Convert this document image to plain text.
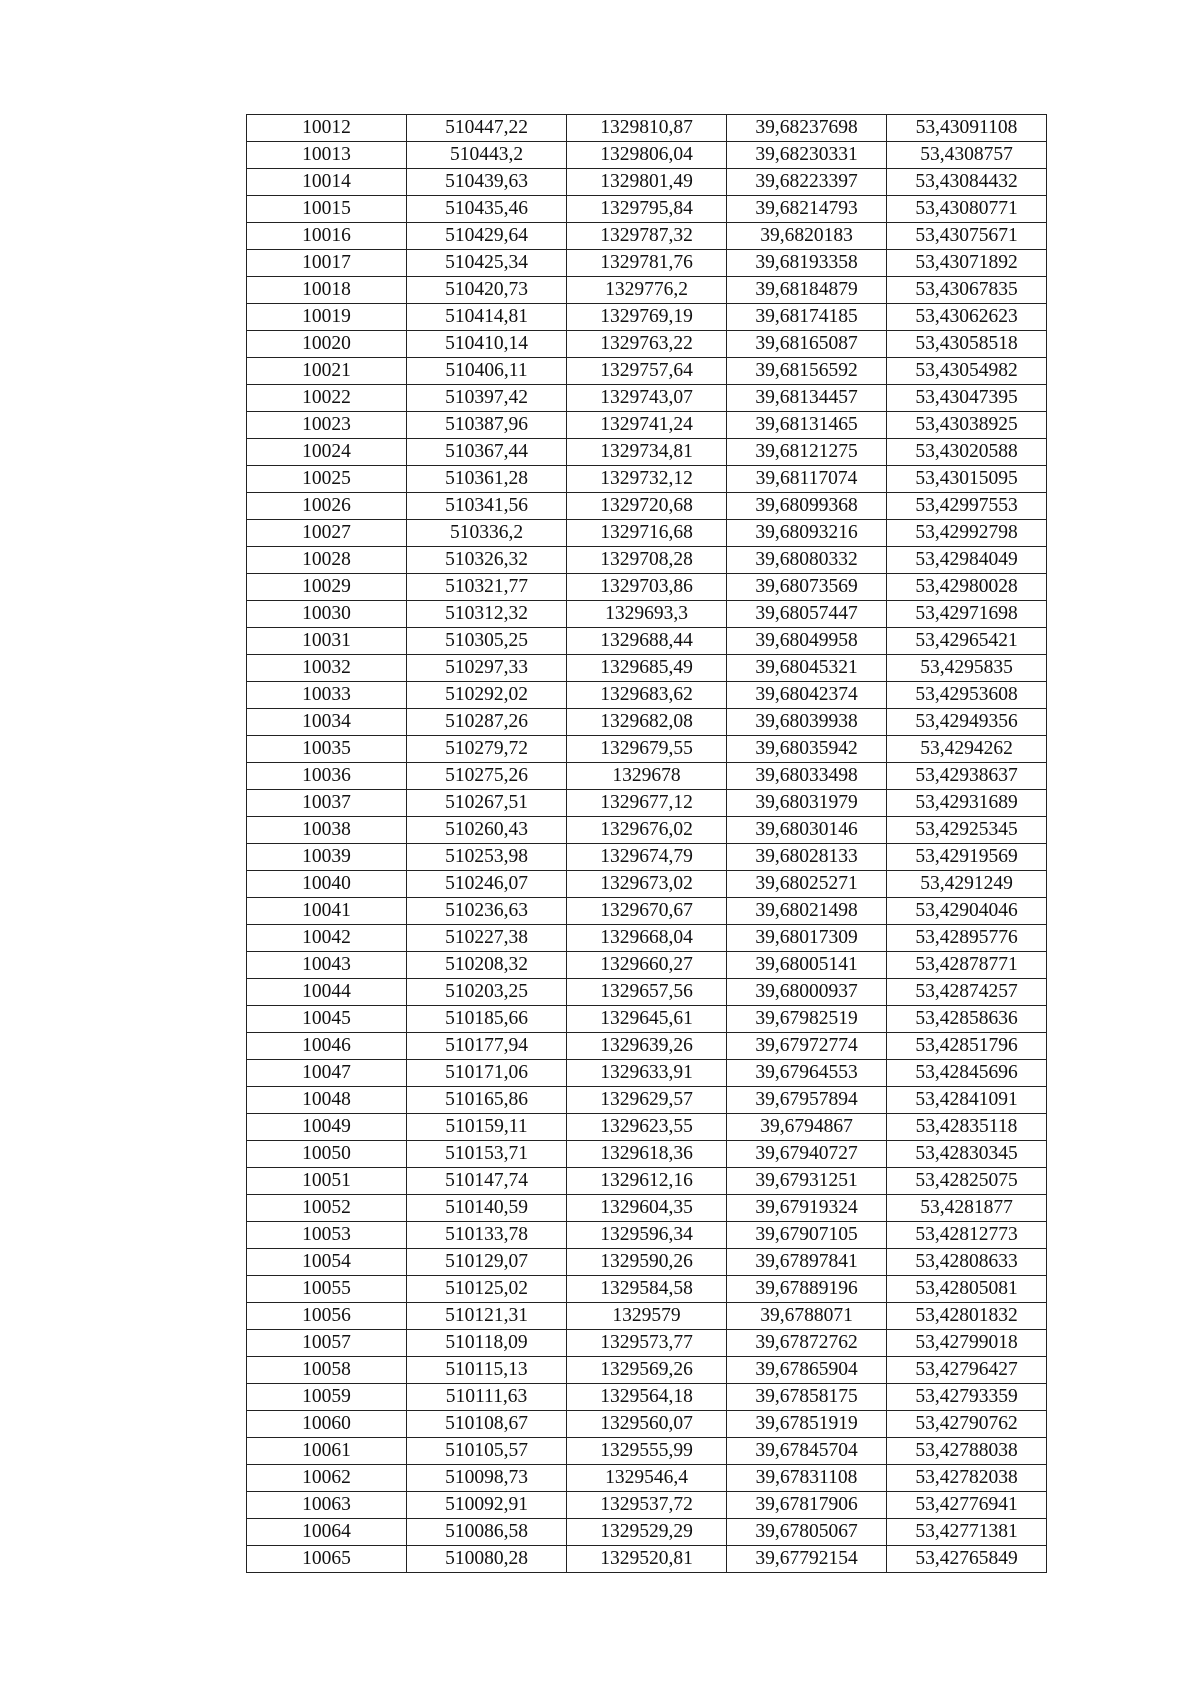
10012	510447,22	1329810,87	39,68237698	53,43091108
10013	510443,2	1329806,04	39,68230331	53,4308757
10014	510439,63	1329801,49	39,68223397	53,43084432
10015	510435,46	1329795,84	39,68214793	53,43080771
10016	510429,64	1329787,32	39,6820183	53,43075671
10017	510425,34	1329781,76	39,68193358	53,43071892
10018	510420,73	1329776,2	39,68184879	53,43067835
10019	510414,81	1329769,19	39,68174185	53,43062623
10020	510410,14	1329763,22	39,68165087	53,43058518
10021	510406,11	1329757,64	39,68156592	53,43054982
10022	510397,42	1329743,07	39,68134457	53,43047395
10023	510387,96	1329741,24	39,68131465	53,43038925
10024	510367,44	1329734,81	39,68121275	53,43020588
10025	510361,28	1329732,12	39,68117074	53,43015095
10026	510341,56	1329720,68	39,68099368	53,42997553
10027	510336,2	1329716,68	39,68093216	53,42992798
10028	510326,32	1329708,28	39,68080332	53,42984049
10029	510321,77	1329703,86	39,68073569	53,42980028
10030	510312,32	1329693,3	39,68057447	53,42971698
10031	510305,25	1329688,44	39,68049958	53,42965421
10032	510297,33	1329685,49	39,68045321	53,4295835
10033	510292,02	1329683,62	39,68042374	53,42953608
10034	510287,26	1329682,08	39,68039938	53,42949356
10035	510279,72	1329679,55	39,68035942	53,4294262
10036	510275,26	1329678	39,68033498	53,42938637
10037	510267,51	1329677,12	39,68031979	53,42931689
10038	510260,43	1329676,02	39,68030146	53,42925345
10039	510253,98	1329674,79	39,68028133	53,42919569
10040	510246,07	1329673,02	39,68025271	53,4291249
10041	510236,63	1329670,67	39,68021498	53,42904046
10042	510227,38	1329668,04	39,68017309	53,42895776
10043	510208,32	1329660,27	39,68005141	53,42878771
10044	510203,25	1329657,56	39,68000937	53,42874257
10045	510185,66	1329645,61	39,67982519	53,42858636
10046	510177,94	1329639,26	39,67972774	53,42851796
10047	510171,06	1329633,91	39,67964553	53,42845696
10048	510165,86	1329629,57	39,67957894	53,42841091
10049	510159,11	1329623,55	39,6794867	53,42835118
10050	510153,71	1329618,36	39,67940727	53,42830345
10051	510147,74	1329612,16	39,67931251	53,42825075
10052	510140,59	1329604,35	39,67919324	53,4281877
10053	510133,78	1329596,34	39,67907105	53,42812773
10054	510129,07	1329590,26	39,67897841	53,42808633
10055	510125,02	1329584,58	39,67889196	53,42805081
10056	510121,31	1329579	39,6788071	53,42801832
10057	510118,09	1329573,77	39,67872762	53,42799018
10058	510115,13	1329569,26	39,67865904	53,42796427
10059	510111,63	1329564,18	39,67858175	53,42793359
10060	510108,67	1329560,07	39,67851919	53,42790762
10061	510105,57	1329555,99	39,67845704	53,42788038
10062	510098,73	1329546,4	39,67831108	53,42782038
10063	510092,91	1329537,72	39,67817906	53,42776941
10064	510086,58	1329529,29	39,67805067	53,42771381
10065	510080,28	1329520,81	39,67792154	53,42765849
